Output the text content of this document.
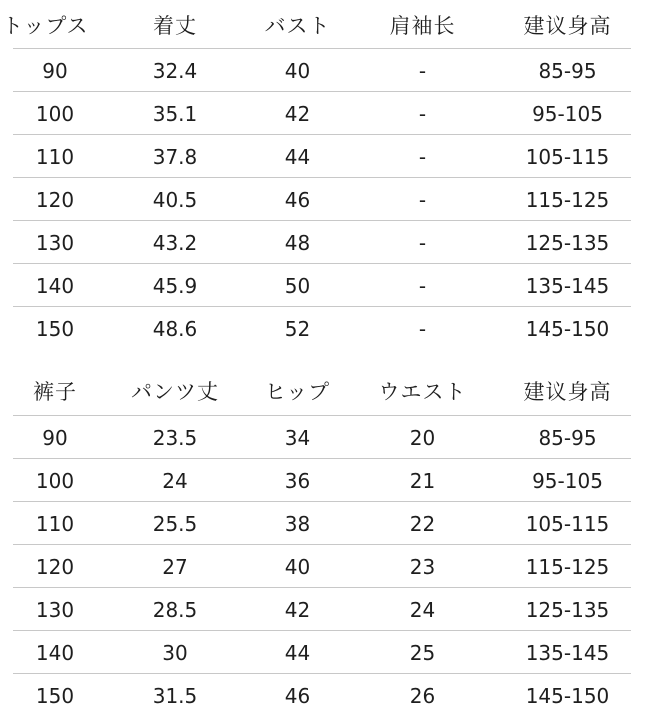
トップス	着丈	バスト	肩袖长	建议身高
90	32.4	40	-	85-95
100	35.1	42	-	95-105
110	37.8	44	-	105-115
120	40.5	46	-	115-125
130	43.2	48	-	125-135
140	45.9	50	-	135-145
150	48.6	52	-	145-150
裤子	パンツ丈	ヒップ	ウエスト	建议身高
90	23.5	34	20	85-95
100	24	36	21	95-105
110	25.5	38	22	105-115
120	27	40	23	115-125
130	28.5	42	24	125-135
140	30	44	25	135-145
150	31.5	46	26	145-150
